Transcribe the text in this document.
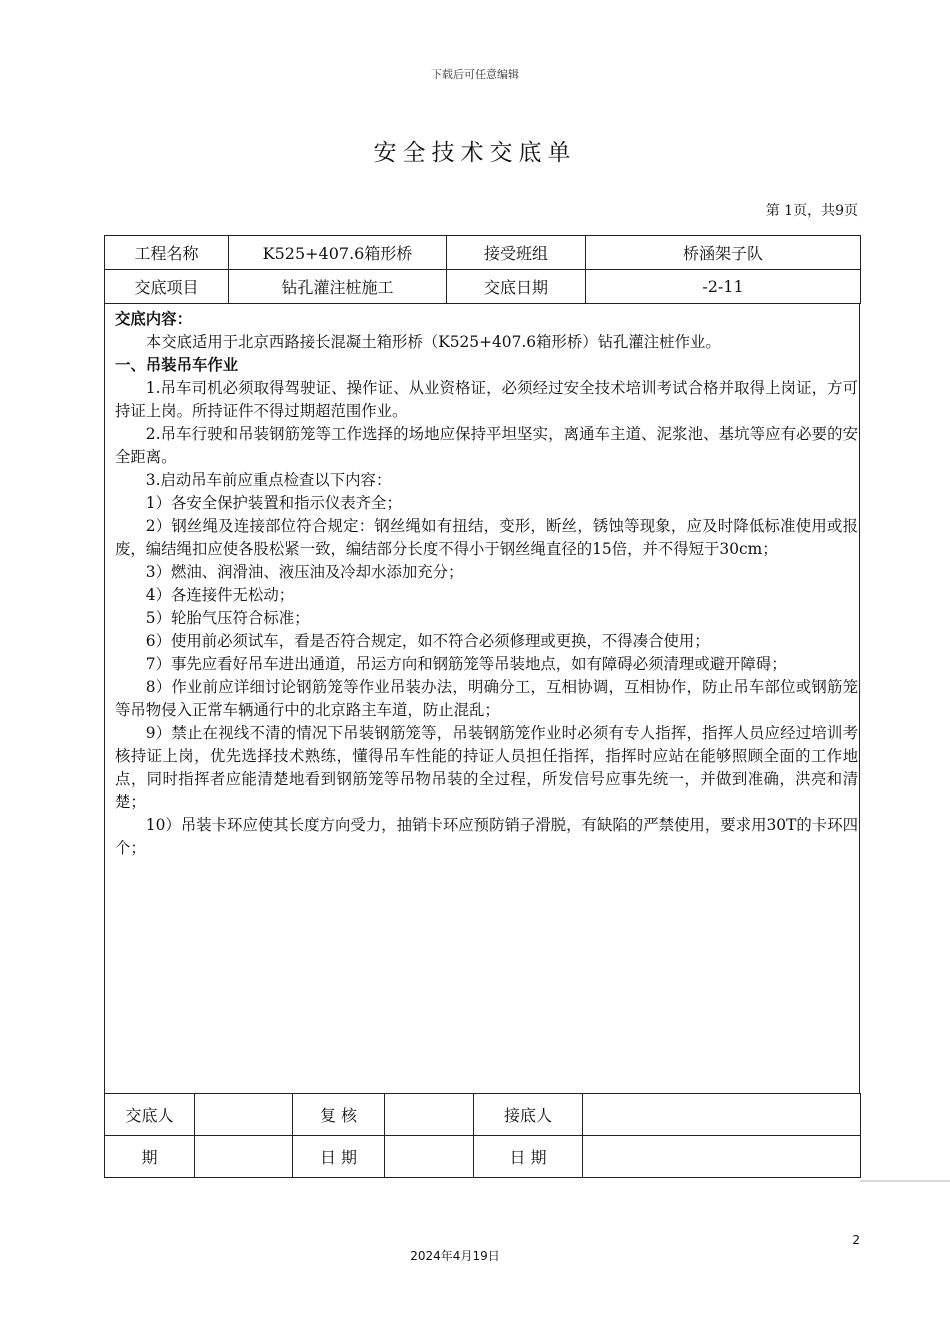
下载后可任意编辑
安全技术交底单
第 1页，共9页
工程名称	K525+407.6箱形桥	接受班组	桥涵架子队
交底项目	钻孔灌注桩施工	交底日期	-2-11

交底内容：

本交底适用于北京西路接长混凝土箱形桥（K525+407.6箱形桥）钻孔灌注桩作业。

一、吊装吊车作业

1.吊车司机必须取得驾驶证、操作证、从业资格证，必须经过安全技术培训考试合格并取得上岗证，方可持证上岗。所持证件不得过期超范围作业。

2.吊车行驶和吊装钢筋笼等工作选择的场地应保持平坦坚实，离通车主道、泥浆池、基坑等应有必要的安全距离。

3.启动吊车前应重点检查以下内容：

1）各安全保护装置和指示仪表齐全；

2）钢丝绳及连接部位符合规定：钢丝绳如有扭结，变形，断丝，锈蚀等现象，应及时降低标准使用或报废，编结绳扣应使各股松紧一致，编结部分长度不得小于钢丝绳直径的15倍，并不得短于30cm；

3）燃油、润滑油、液压油及冷却水添加充分；

4）各连接件无松动；

5）轮胎气压符合标准；

6）使用前必须试车，看是否符合规定，如不符合必须修理或更换，不得凑合使用；

7）事先应看好吊车进出通道，吊运方向和钢筋笼等吊装地点，如有障碍必须清理或避开障碍；

8）作业前应详细讨论钢筋笼等作业吊装办法，明确分工，互相协调，互相协作，防止吊车部位或钢筋笼等吊物侵入正常车辆通行中的北京路主车道，防止混乱；

9）禁止在视线不清的情况下吊装钢筋笼等，吊装钢筋笼作业时必须有专人指挥，指挥人员应经过培训考核持证上岗，优先选择技术熟练，懂得吊车性能的持证人员担任指挥，指挥时应站在能够照顾全面的工作地点，同时指挥者应能清楚地看到钢筋笼等吊物吊装的全过程，所发信号应事先统一，并做到准确，洪亮和清楚；

10）吊装卡环应使其长度方向受力，抽销卡环应预防销子滑脱，有缺陷的严禁使用，要求用30T的卡环四个；

交底人		复 核		接底人	
期		日 期		日 期	
2
2024年4月19日
